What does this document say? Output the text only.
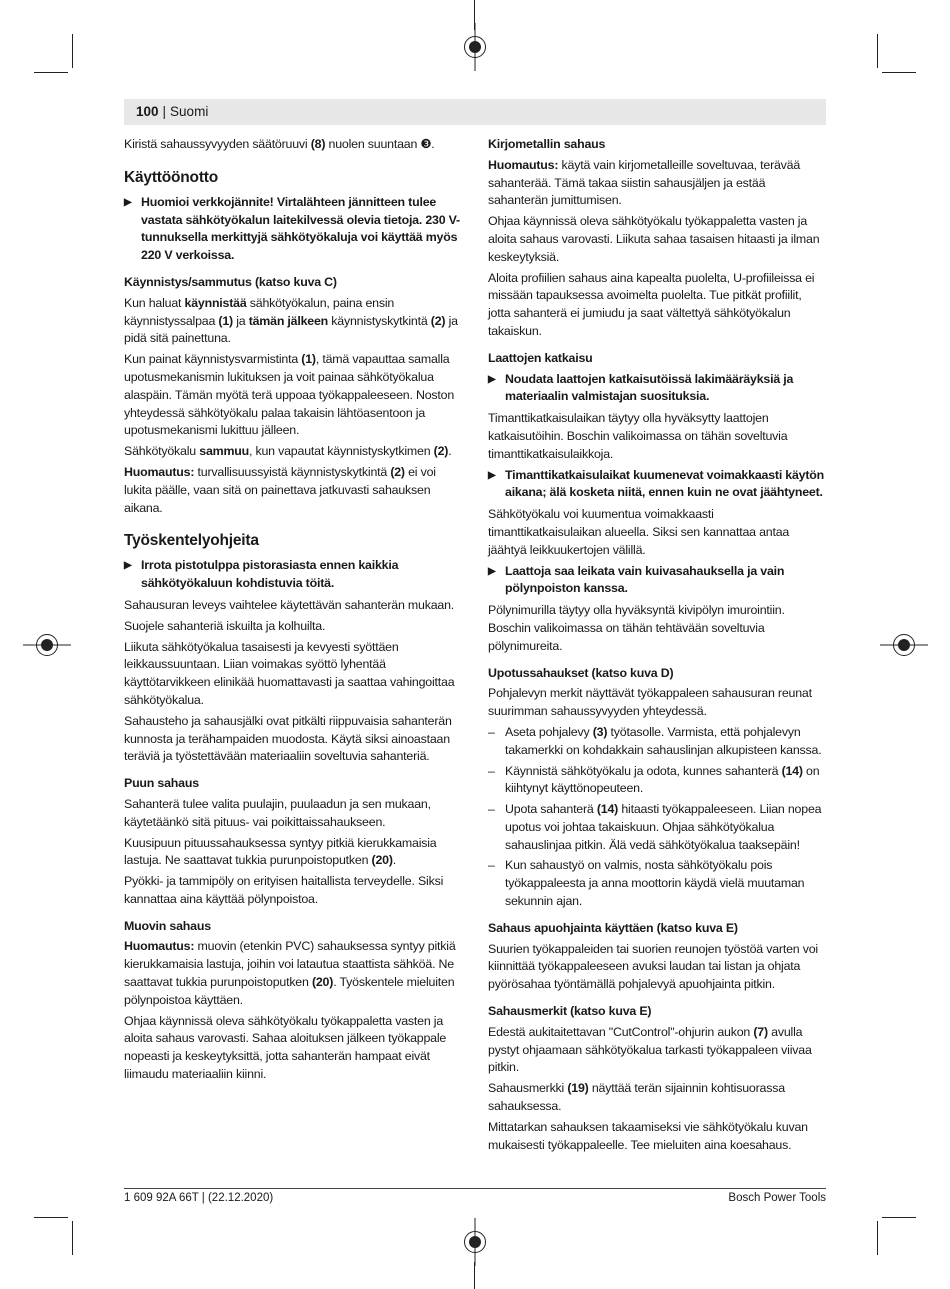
100 | Suomi

Kiristä sahaussyvyyden säätöruuvi (8) nuolen suuntaan ❸.

Käyttöönotto
▶ Huomioi verkkojännite! Virtalähteen jännitteen tulee vastata sähkötyökalun laitekilvessä olevia tietoja. 230 V-tunnuksella merkittyjä sähkötyökaluja voi käyttää myös 220 V verkoissa.
Käynnistys/sammutus (katso kuva C)

Kun haluat käynnistää sähkötyökalun, paina ensin käynnistyssalpaa (1) ja tämän jälkeen käynnistyskytkintä (2) ja pidä sitä painettuna.

Kun painat käynnistysvarmistinta (1), tämä vapauttaa samalla upotusmekanismin lukituksen ja voit painaa sähkötyökalua alaspäin. Tämän myötä terä uppoaa työkappaleeseen. Noston yhteydessä sähkötyökalu palaa takaisin lähtöasentoon ja upotusmekanismi lukittuu jälleen.

Sähkötyökalu sammuu, kun vapautat käynnistyskytkimen (2).

Huomautus: turvallisuussyistä käynnistyskytkintä (2) ei voi lukita päälle, vaan sitä on painettava jatkuvasti sahauksen aikana.

Työskentelyohjeita
▶ Irrota pistotulppa pistorasiasta ennen kaikkia sähkötyökaluun kohdistuvia töitä.

Sahausuran leveys vaihtelee käytettävän sahanterän mukaan.

Suojele sahanteriä iskuilta ja kolhuilta.

Liikuta sähkötyökalua tasaisesti ja kevyesti syöttäen leikkaussuuntaan. Liian voimakas syöttö lyhentää käyttötarvikkeen elinikää huomattavasti ja saattaa vahingoittaa sähkötyökalua.

Sahausteho ja sahausjälki ovat pitkälti riippuvaisia sahanterän kunnosta ja terähampaiden muodosta. Käytä siksi ainoastaan teräviä ja työstettävään materiaaliin soveltuvia sahanteriä.

Puun sahaus

Sahanterä tulee valita puulajin, puulaadun ja sen mukaan, käytetäänkö sitä pituus- vai poikittaissahaukseen.

Kuusipuun pituussahauksessa syntyy pitkiä kierukkamaisia lastuja. Ne saattavat tukkia purunpoistoputken (20).

Pyökki- ja tammipöly on erityisen haitallista terveydelle. Siksi kannattaa aina käyttää pölynpoistoa.

Muovin sahaus

Huomautus: muovin (etenkin PVC) sahauksessa syntyy pitkiä kierukkamaisia lastuja, joihin voi latautua staattista sähköä. Ne saattavat tukkia purunpoistoputken (20). Työskentele mieluiten pölynpoistoa käyttäen.

Ohjaa käynnissä oleva sähkötyökalu työkappaletta vasten ja aloita sahaus varovasti. Sahaa aloituksen jälkeen työkappale nopeasti ja keskeytyksittä, jotta sahanterän hampaat eivät liimaudu materiaaliin kiinni.

Kirjometallin sahaus

Huomautus: käytä vain kirjometalleille soveltuvaa, terävää sahanterää. Tämä takaa siistin sahausjäljen ja estää sahanterän jumittumisen.

Ohjaa käynnissä oleva sähkötyökalu työkappaletta vasten ja aloita sahaus varovasti. Liikuta sahaa tasaisen hitaasti ja ilman keskeytyksiä.

Aloita profiilien sahaus aina kapealta puolelta, U-profiileissa ei missään tapauksessa avoimelta puolelta. Tue pitkät profiilit, jotta sahanterä ei jumiudu ja saat vältettyä sähkötyökalun takaiskun.

Laattojen katkaisu
▶ Noudata laattojen katkaisutöissä lakimääräyksiä ja materiaalin valmistajan suosituksia.

Timanttikatkaisulaikan täytyy olla hyväksytty laattojen katkaisutöihin. Boschin valikoimassa on tähän soveltuvia timanttikatkaisulaikkoja.

▶ Timanttikatkaisulaikat kuumenevat voimakkaasti käytön aikana; älä kosketa niitä, ennen kuin ne ovat jäähtyneet.

Sähkötyökalu voi kuumentua voimakkaasti timanttikatkaisulaikan alueella. Siksi sen kannattaa antaa jäähtyä leikkuukertojen välillä.

▶ Laattoja saa leikata vain kuivasahauksella ja vain pölynpoiston kanssa.

Pölynimurilla täytyy olla hyväksyntä kivipölyn imurointiin. Boschin valikoimassa on tähän tehtävään soveltuvia pölynimureita.

Upotussahaukset (katso kuva D)

Pohjalevyn merkit näyttävät työkappaleen sahausuran reunat suurimman sahaussyvyyden yhteydessä.

– Aseta pohjalevy (3) työtasolle. Varmista, että pohjalevyn takamerkki on kohdakkain sahauslinjan alkupisteen kanssa.
– Käynnistä sähkötyökalu ja odota, kunnes sahanterä (14) on kiihtynyt käyttönopeuteen.
– Upota sahanterä (14) hitaasti työkappaleeseen. Liian nopea upotus voi johtaa takaiskuun. Ohjaa sähkötyökalua sahauslinjaa pitkin. Älä vedä sähkötyökalua taaksepäin!
– Kun sahaustyö on valmis, nosta sähkötyökalu pois työkappaleesta ja anna moottorin käydä vielä muutaman sekunnin ajan.
Sahaus apuohjainta käyttäen (katso kuva E)

Suurien työkappaleiden tai suorien reunojen työstöä varten voi kiinnittää työkappaleeseen avuksi laudan tai listan ja ohjata pyörösahaa työntämällä pohjalevyä apuohjainta pitkin.

Sahausmerkit (katso kuva E)

Edestä aukitaitettavan "CutControl"-ohjurin aukon (7) avulla pystyt ohjaamaan sähkötyökalua tarkasti työkappaleen viivaa pitkin.

Sahausmerkki (19) näyttää terän sijainnin kohtisuorassa sahauksessa.

Mittatarkan sahauksen takaamiseksi vie sähkötyökalu kuvan mukaisesti työkappaleelle. Tee mieluiten aina koesahaus.

1 609 92A 66T | (22.12.2020)	Bosch Power Tools
